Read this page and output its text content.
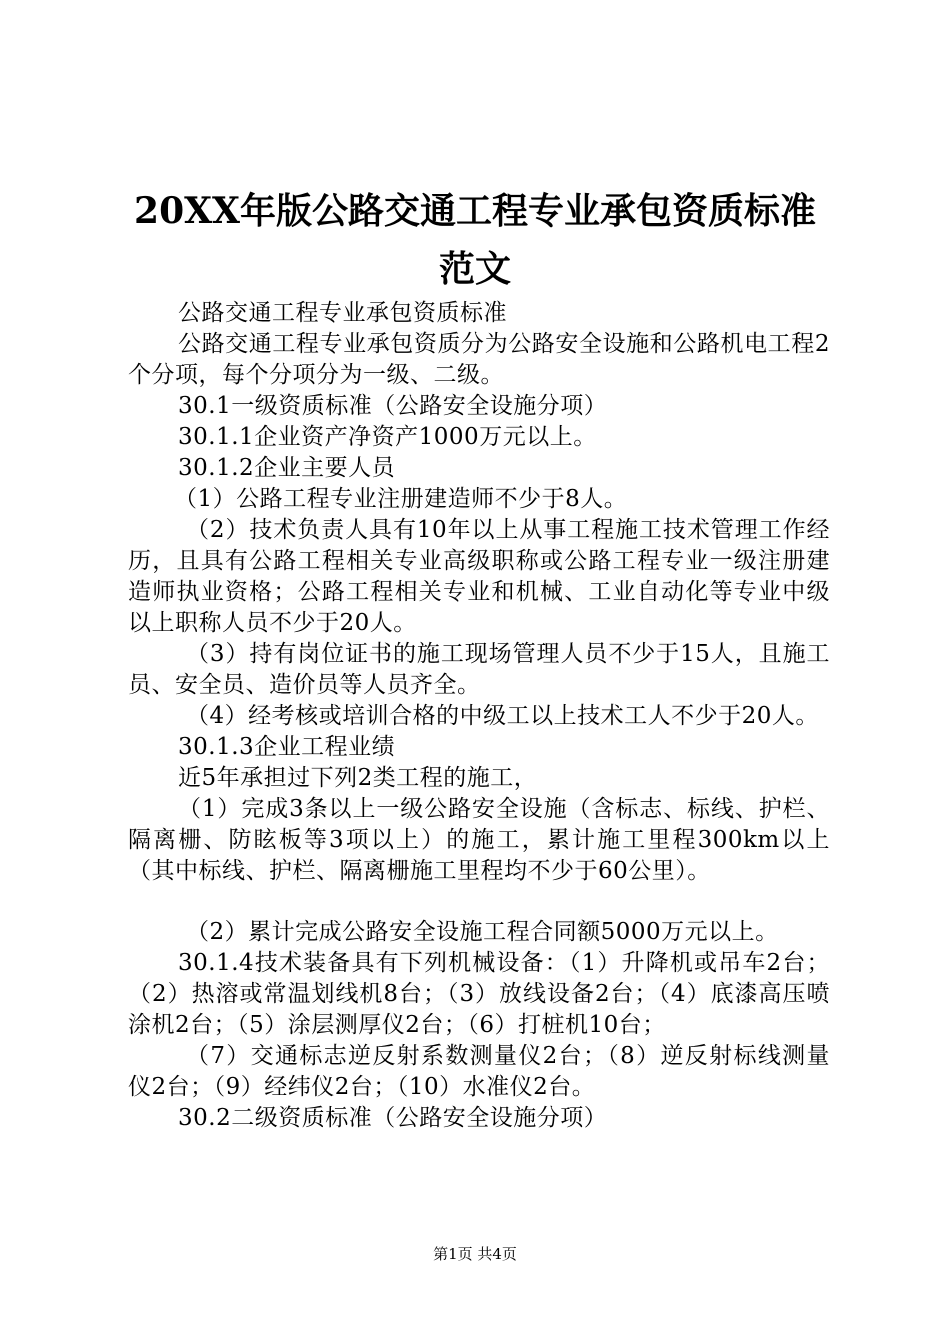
20XX年版公路交通工程专业承包资质标准范文

公路交通工程专业承包资质标准

公路交通工程专业承包资质分为公路安全设施和公路机电工程2个分项，每个分项分为一级、二级。

30.1一级资质标准（公路安全设施分项）

30.1.1企业资产净资产1000万元以上。

30.1.2企业主要人员

（1）公路工程专业注册建造师不少于8人。

（2）技术负责人具有10年以上从事工程施工技术管理工作经历，且具有公路工程相关专业高级职称或公路工程专业一级注册建造师执业资格；公路工程相关专业和机械、工业自动化等专业中级以上职称人员不少于20人。

（3）持有岗位证书的施工现场管理人员不少于15人，且施工员、安全员、造价员等人员齐全。

（4）经考核或培训合格的中级工以上技术工人不少于20人。

30.1.3企业工程业绩

近5年承担过下列2类工程的施工，

（1）完成3条以上一级公路安全设施（含标志、标线、护栏、隔离栅、防眩板等3项以上）的施工，累计施工里程300km以上（其中标线、护栏、隔离栅施工里程均不少于60公里）。

（2）累计完成公路安全设施工程合同额5000万元以上。

30.1.4技术装备具有下列机械设备：（1）升降机或吊车2台；（2）热溶或常温划线机8台；（3）放线设备2台；（4）底漆高压喷涂机2台；（5）涂层测厚仪2台；（6）打桩机10台；

（7）交通标志逆反射系数测量仪2台；（8）逆反射标线测量仪2台；（9）经纬仪2台；（10）水准仪2台。

30.2二级资质标准（公路安全设施分项）

第1页 共4页
